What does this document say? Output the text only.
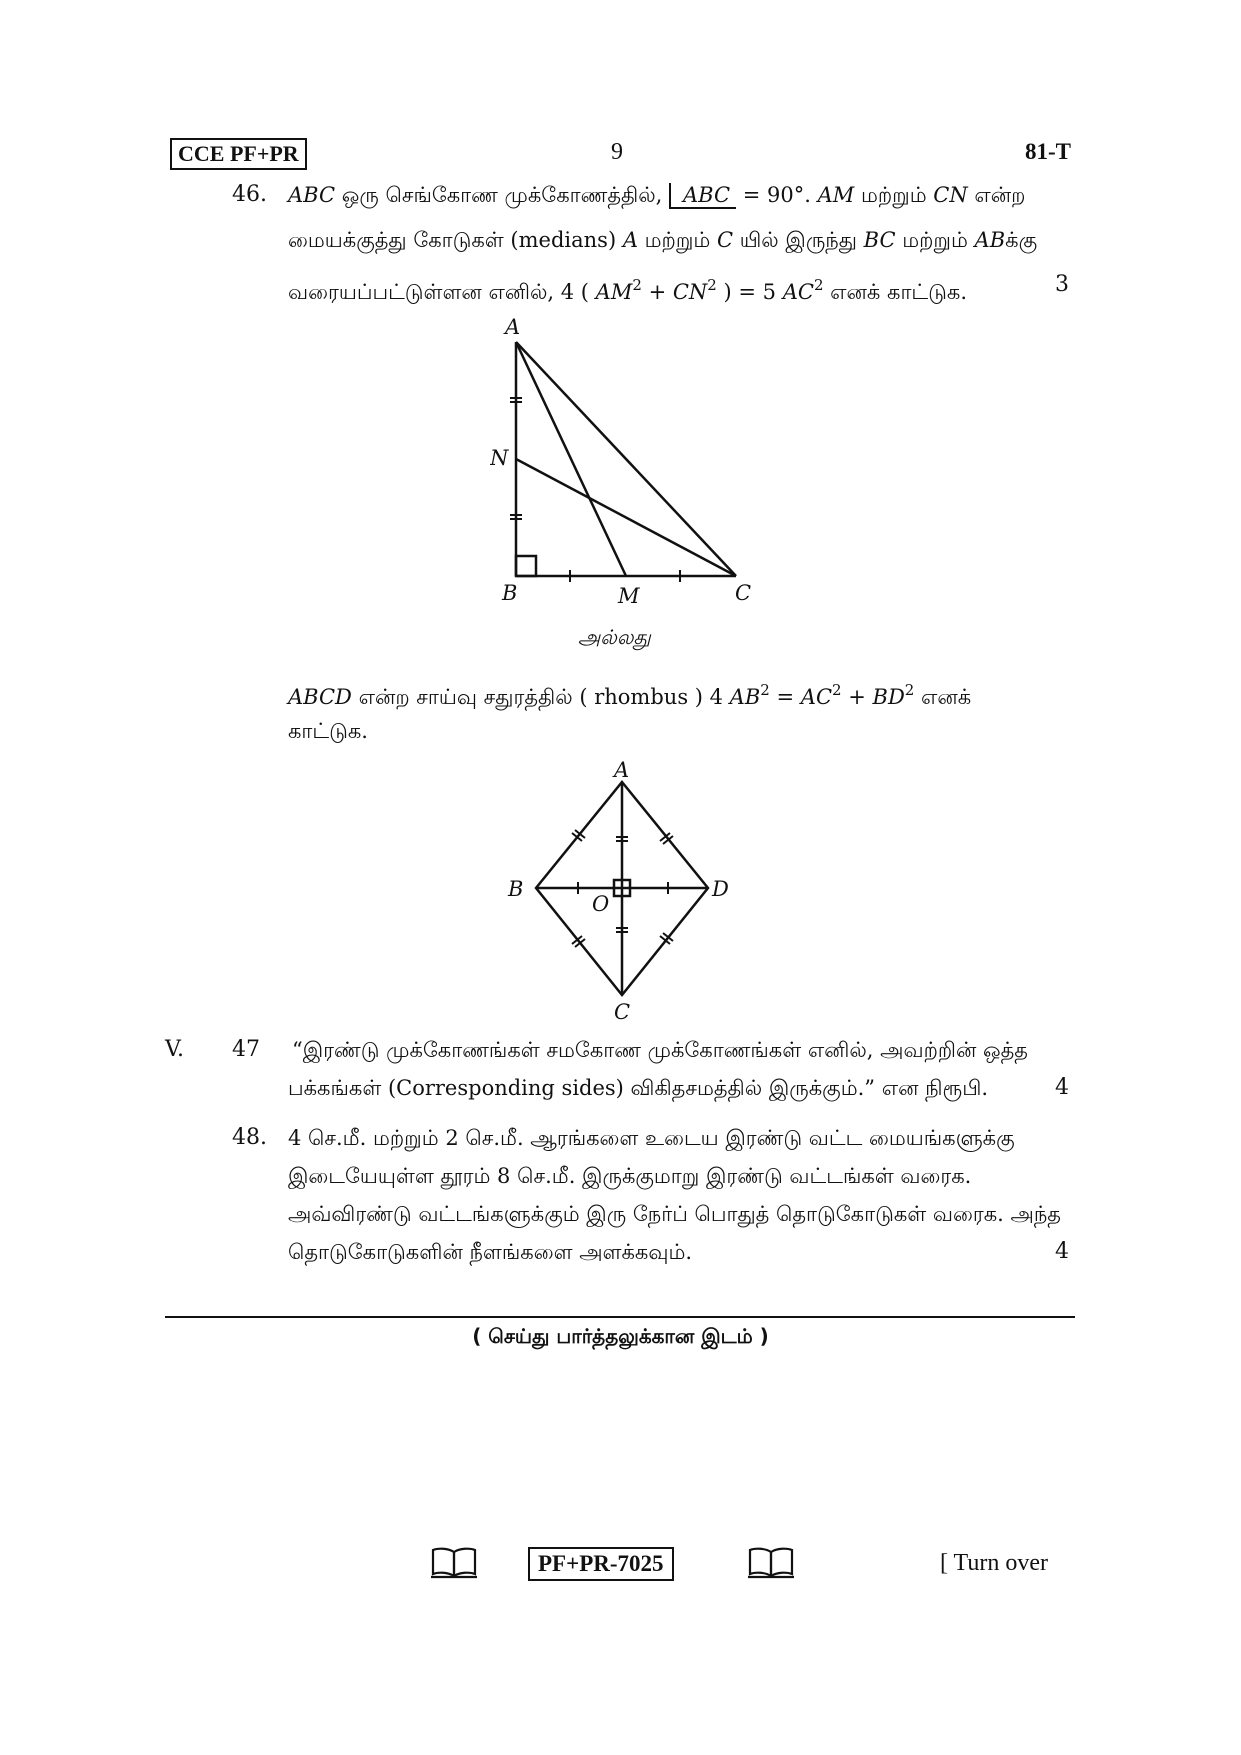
CCE PF+PR	9	81-T
46. ABC ஒரு செங்கோண முக்கோணத்தில், ABC = 90°. AM மற்றும் CN என்ற
மையக்குத்து கோடுகள் (medians) A மற்றும் C யில் இருந்து BC மற்றும் ABக்கு
வரையப்பட்டுள்ளன எனில், 4 ( $AM^2 + CN^2$ ) = 5 $AC^2$ எனக் காட்டுக.	3
A
N
B	M	C
அல்லது
ABCD என்ற சாய்வு சதுரத்தில் ( rhombus ) 4 $AB^2 = AC^2 + BD^2$ எனக்
காட்டுக.
A
B
O
D
C
V. 47 “இரண்டு முக்கோணங்கள் சமகோண முக்கோணங்கள் எனில், அவற்றின் ஒத்த
பக்கங்கள் (Corresponding sides) விகிதசமத்தில் இருக்கும்.” என நிரூபி.	4
48. 4 செ.மீ. மற்றும் 2 செ.மீ. ஆரங்களை உடைய இரண்டு வட்ட மையங்களுக்கு
இடையேயுள்ள தூரம் 8 செ.மீ. இருக்குமாறு இரண்டு வட்டங்கள் வரைக.
அவ்விரண்டு வட்டங்களுக்கும் இரு நேர்ப் பொதுத் தொடுகோடுகள் வரைக. அந்த
தொடுகோடுகளின் நீளங்களை அளக்கவும்.	4
( செய்து பார்த்தலுக்கான இடம் )
PF+PR-7025	[ Turn over
